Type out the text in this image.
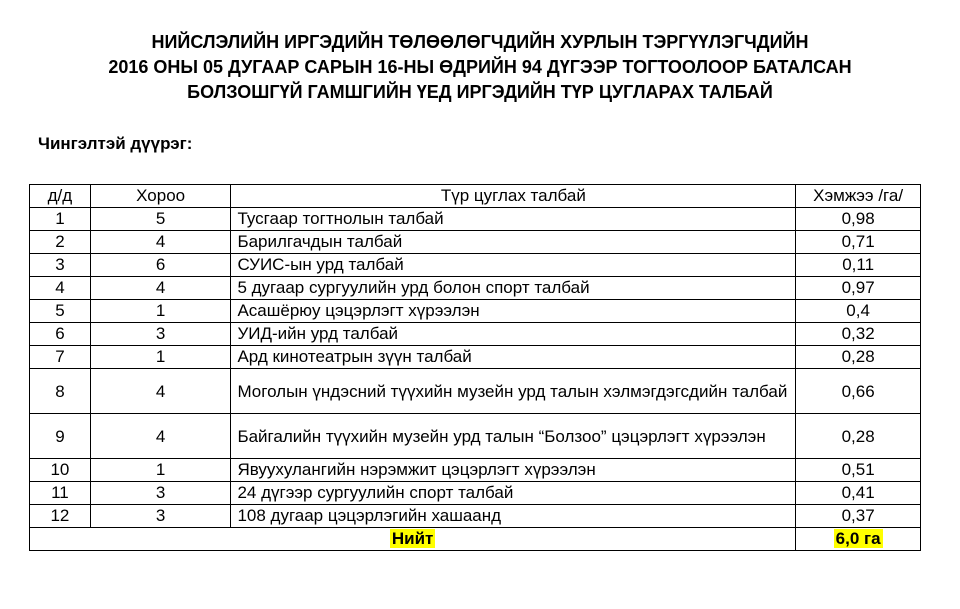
НИЙСЛЭЛИЙН ИРГЭДИЙН ТӨЛӨӨЛӨГЧДИЙН ХУРЛЫН ТЭРГҮҮЛЭГЧДИЙН
2016 ОНЫ 05 ДУГААР САРЫН 16-НЫ ӨДРИЙН 94 ДҮГЭЭР ТОГТООЛООР БАТАЛСАН
БОЛЗОШГҮЙ ГАМШГИЙН ҮЕД ИРГЭДИЙН ТҮР ЦУГЛАРАХ ТАЛБАЙ
Чингэлтэй дүүрэг:
д/д	Хороо	Түр цуглах талбай	Хэмжээ /га/
1	5	Тусгаар тогтнолын талбай	0,98
2	4	Барилгачдын талбай	0,71
3	6	СУИС-ын урд талбай	0,11
4	4	5 дугаар сургуулийн урд болон спорт талбай	0,97
5	1	Асашёрюу цэцэрлэгт хүрээлэн	0,4
6	3	УИД-ийн урд талбай	0,32
7	1	Ард кинотеатрын зүүн талбай	0,28
8	4	Моголын үндэсний түүхийн музейн урд талын хэлмэгдэгсдийн талбай	0,66
9	4	Байгалийн түүхийн музейн урд талын “Болзоо” цэцэрлэгт хүрээлэн	0,28
10	1	Явуухулангийн нэрэмжит цэцэрлэгт хүрээлэн	0,51
11	3	24 дүгээр сургуулийн спорт талбай	0,41
12	3	108 дугаар цэцэрлэгийн хашаанд	0,37
Нийт			6,0 га
